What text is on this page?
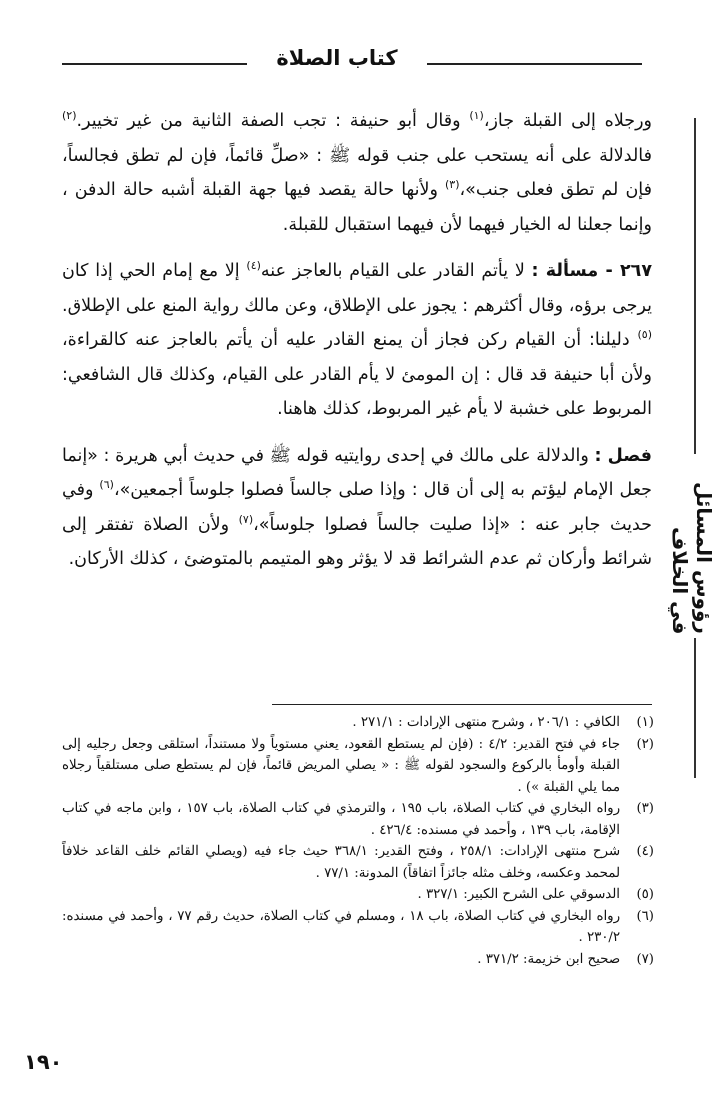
كتاب الصلاة
رؤوس المسائل في الخلاف

ورجلاه إلى القبلة جاز،$^{(١)}$ وقال أبو حنيفة : تجب الصفة الثانية من غير تخيير.$^{(٢)}$ فالدلالة على أنه يستحب على جنب قوله ﷺ : «صلِّ قائماً، فإن لم تطق فجالساً، فإن لم تطق فعلى جنب»،$^{(٣)}$ ولأنها حالة يقصد فيها جهة القبلة أشبه حالة الدفن ، وإنما جعلنا له الخيار فيهما لأن فيهما استقبال للقبلة.

٢٦٧ - مسألة : لا يأتم القادر على القيام بالعاجز عنه$^{(٤)}$ إلا مع إمام الحي إذا كان يرجى برؤه، وقال أكثرهم : يجوز على الإطلاق، وعن مالك رواية المنع على الإطلاق.$^{(٥)}$ دليلنا: أن القيام ركن فجاز أن يمنع القادر عليه أن يأتم بالعاجز عنه كالقراءة، ولأن أبا حنيفة قد قال : إن المومئ لا يأم القادر على القيام، وكذلك قال الشافعي: المربوط على خشبة لا يأم غير المربوط، كذلك هاهنا.

فصل : والدلالة على مالك في إحدى روايتيه قوله ﷺ في حديث أبي هريرة : «إنما جعل الإمام ليؤتم به إلى أن قال : وإذا صلى جالساً فصلوا جلوساً أجمعين»،$^{(٦)}$ وفي حديث جابر عنه : «إذا صليت جالساً فصلوا جلوساً»،$^{(٧)}$ ولأن الصلاة تفتقر إلى شرائط وأركان ثم عدم الشرائط قد لا يؤثر وهو المتيمم بالمتوضئ ، كذلك الأركان.

(١)
الكافي : ٢٠٦/١ ، وشرح منتهى الإرادات : ٢٧١/١ .
(٢)
جاء في فتح القدير: ٤/٢ : (فإن لم يستطع القعود، يعني مستوياً ولا مستنداً، استلقى وجعل رجليه إلى القبلة وأومأ بالركوع والسجود لقوله ﷺ : « يصلي المريض قائماً، فإن لم يستطع صلى مستلقياً رجلاه مما يلي القبلة ») .
(٣)
رواه البخاري في كتاب الصلاة، باب ١٩٥ ، والترمذي في كتاب الصلاة، باب ١٥٧ ، وابن ماجه في كتاب الإقامة، باب ١٣٩ ، وأحمد في مسنده: ٤٢٦/٤ .
(٤)
شرح منتهى الإرادات: ٢٥٨/١ ، وفتح القدير: ٣٦٨/١ حيث جاء فيه (ويصلي القائم خلف القاعد خلافاً لمحمد وعكسه، وخلف مثله جائزاً اتفاقاً) المدونة: ٧٧/١ .
(٥)
الدسوقي على الشرح الكبير: ٣٢٧/١ .
(٦)
رواه البخاري في كتاب الصلاة، باب ١٨ ، ومسلم في كتاب الصلاة، حديث رقم ٧٧ ، وأحمد في مسنده: ٢٣٠/٢ .
(٧)
صحيح ابن خزيمة: ٣٧١/٢ .
١٩٠
